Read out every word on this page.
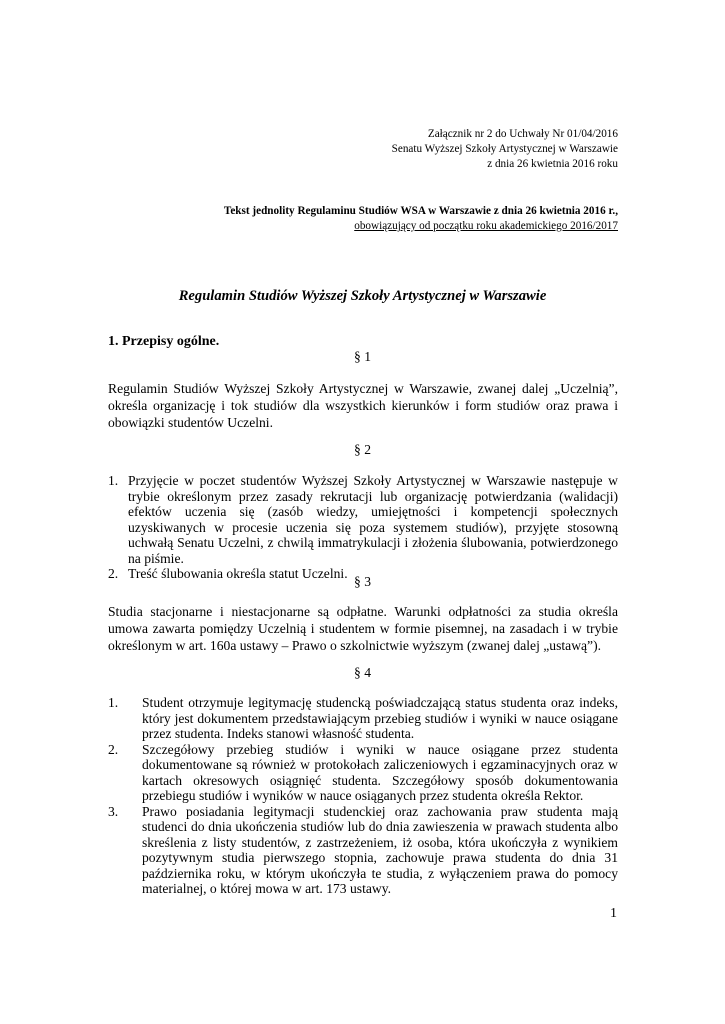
Załącznik nr 2 do Uchwały Nr 01/04/2016
Senatu Wyższej Szkoły Artystycznej w Warszawie
z dnia 26 kwietnia 2016 roku
Tekst jednolity Regulaminu Studiów WSA w Warszawie z dnia 26 kwietnia 2016 r.,
obowiązujący od początku roku akademickiego 2016/2017
Regulamin Studiów Wyższej Szkoły Artystycznej w Warszawie
1. Przepisy ogólne.
§ 1
Regulamin Studiów Wyższej Szkoły Artystycznej w Warszawie, zwanej dalej „Uczelnią”, określa organizację i tok studiów dla wszystkich kierunków i form studiów oraz prawa i obowiązki studentów Uczelni.
§ 2
1. Przyjęcie w poczet studentów Wyższej Szkoły Artystycznej w Warszawie następuje w trybie określonym przez zasady rekrutacji lub organizację potwierdzania (walidacji) efektów uczenia się (zasób wiedzy, umiejętności i kompetencji społecznych uzyskiwanych w procesie uczenia się poza systemem studiów), przyjęte stosowną uchwałą Senatu Uczelni, z chwilą immatrykulacji i złożenia ślubowania, potwierdzonego na piśmie.
2. Treść ślubowania określa statut Uczelni.
§ 3
Studia stacjonarne i niestacjonarne są odpłatne. Warunki odpłatności za studia określa umowa zawarta pomiędzy Uczelnią i studentem w formie pisemnej, na zasadach i w trybie określonym w art. 160a ustawy – Prawo o szkolnictwie wyższym (zwanej dalej „ustawą”).
§ 4
1.	Student otrzymuje legitymację studencką poświadczającą status studenta oraz indeks, który jest dokumentem przedstawiającym przebieg studiów i wyniki w nauce osiągane przez studenta. Indeks stanowi własność studenta.
2.	Szczegółowy przebieg studiów i wyniki w nauce osiągane przez studenta dokumentowane są również w protokołach zaliczeniowych i egzaminacyjnych oraz w kartach okresowych osiągnięć studenta. Szczegółowy sposób dokumentowania przebiegu studiów i wyników w nauce osiąganych przez studenta określa Rektor.
3.	Prawo posiadania legitymacji studenckiej oraz zachowania praw studenta mają studenci do dnia ukończenia studiów lub do dnia zawieszenia w prawach studenta albo skreślenia z listy studentów, z zastrzeżeniem, iż osoba, która ukończyła z wynikiem pozytywnym studia pierwszego stopnia, zachowuje prawa studenta do dnia 31 października roku, w którym ukończyła te studia, z wyłączeniem prawa do pomocy materialnej, o której mowa w art. 173 ustawy.
1
